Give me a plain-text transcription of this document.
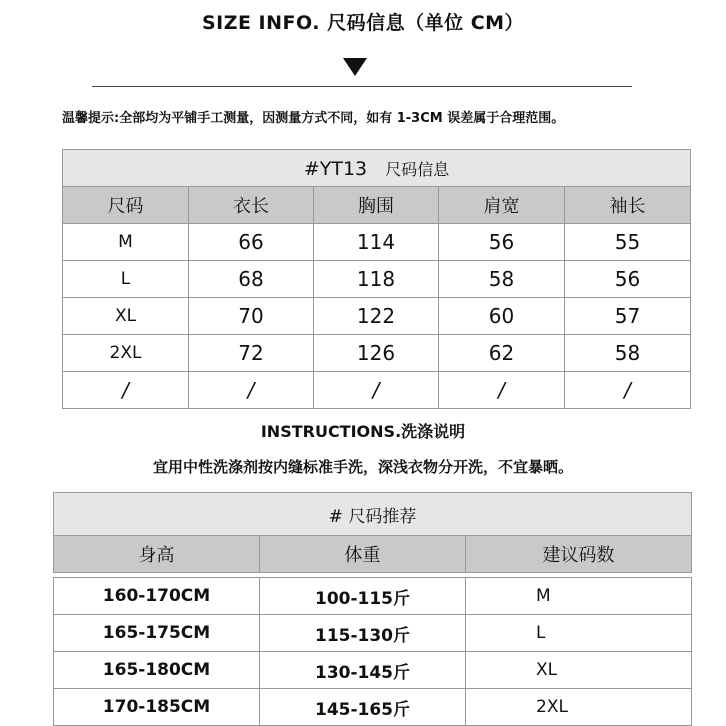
SIZE INFO. 尺码信息（单位 CM）
温馨提示:全部均为平铺手工测量，因测量方式不同，如有 1-3CM 误差属于合理范围。
#YT13 尺码信息				
尺码	衣长	胸围	肩宽	袖长
M	66	114	56	55
L	68	118	58	56
XL	70	122	60	57
2XL	72	126	62	58
/	/	/	/	/
INSTRUCTIONS.洗涤说明
宜用中性洗涤剂按内缝标准手洗，深浅衣物分开洗，不宜暴晒。
# 尺码推荐		
身高	体重	建议码数

160-170CM	100-115斤	M
165-175CM	115-130斤	L
165-180CM	130-145斤	XL
170-185CM	145-165斤	2XL
